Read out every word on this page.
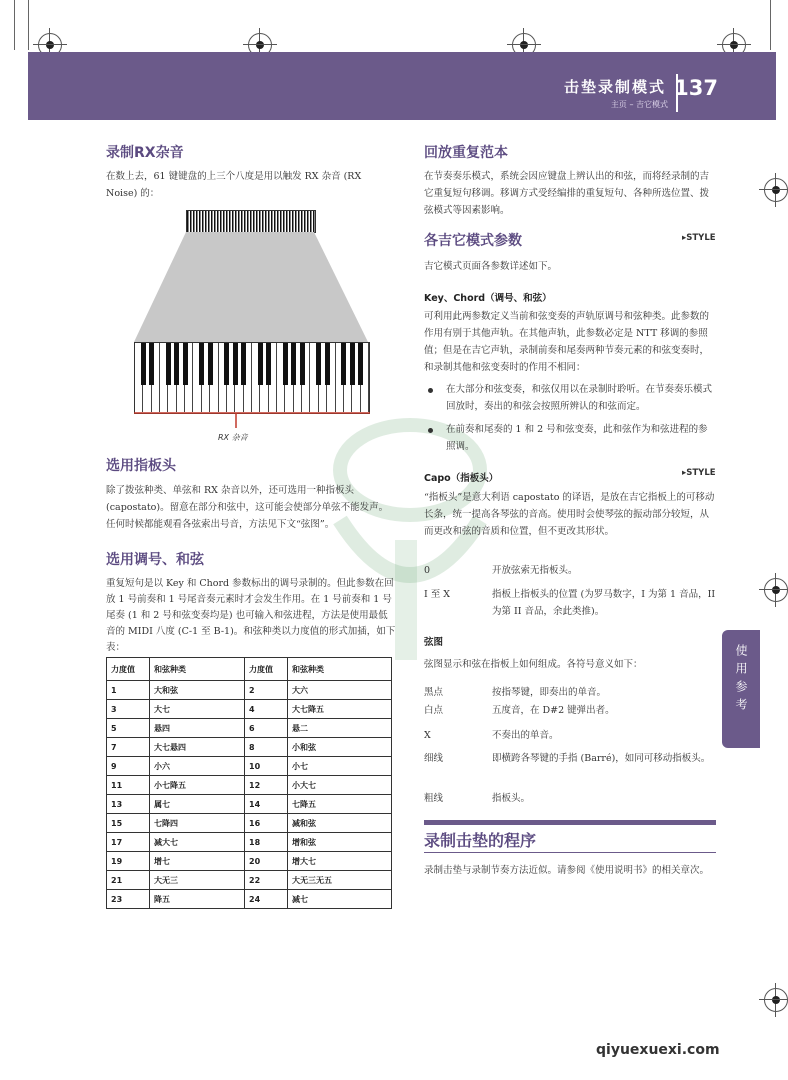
击垫录制模式
主页 – 吉它模式
137
录制RX杂音
在数上去，61 键键盘的上三个八度是用以触发 RX 杂音 (RX Noise) 的：
RX 杂音
选用指板头
除了拨弦种类、单弦和 RX 杂音以外，还可选用一种指板头 (capostato)。留意在部分和弦中，这可能会使部分单弦不能发声。任何时候都能观看各弦索出号音，方法见下文“弦图”。
选用调号、和弦
重复短句是以 Key 和 Chord 参数标出的调号录制的。但此参数在回放 1 号前奏和 1 号尾音奏元素时才会发生作用。在 1 号前奏和 1 号尾奏 (1 和 2 号和弦变奏均是) 也可输入和弦进程，方法是使用最低音的 MIDI 八度 (C-1 至 B-1)。和弦种类以力度值的形式加插，如下表：
力度值	和弦种类	力度值	和弦种类
1	大和弦	2	大六
3	大七	4	大七降五
5	悬四	6	悬二
7	大七悬四	8	小和弦
9	小六	10	小七
11	小七降五	12	小大七
13	属七	14	七降五
15	七降四	16	减和弦
17	减大七	18	增和弦
19	增七	20	增大七
21	大无三	22	大无三无五
23	降五	24	减七
回放重复范本
在节奏奏乐模式，系统会因应键盘上辨认出的和弦，而将经录制的吉它重复短句移调。移调方式受经编排的重复短句、各种所选位置、拨弦模式等因素影响。
各吉它模式参数	▸STYLE
吉它模式页面各参数详述如下。
Key、Chord（调号、和弦）
可利用此两参数定义当前和弦变奏的声轨原调号和弦种类。此参数的作用有别于其他声轨。在其他声轨，此参数必定是 NTT 移调的参照值；但是在吉它声轨，录制前奏和尾奏两种节奏元素的和弦变奏时，和录制其他和弦变奏时的作用不相同：
在大部分和弦变奏，和弦仅用以在录制时聆听。在节奏奏乐模式回放时，奏出的和弦会按照所辨认的和弦而定。
在前奏和尾奏的 1 和 2 号和弦变奏，此和弦作为和弦进程的参照调。
Capo（指板头）	▸STYLE
“指板头”是意大利语 capostato 的译语，是放在吉它指板上的可移动长条，统一提高各琴弦的音高。使用时会使琴弦的振动部分较短，从而更改和弦的音质和位置，但不更改其形状。
0	开放弦索无指板头。
I 至 X	指板上指板头的位置 (为罗马数字，I 为第 1 音品，II 为第 II 音品，余此类推)。
弦图
弦图显示和弦在指板上如何组成。各符号意义如下：
黑点	按指琴键，即奏出的单音。
白点	五度音，在 D#2 键弹出者。
X	不奏出的单音。
细线	即横跨各琴键的手指 (Barré)，如同可移动指板头。
粗线	指板头。
录制击垫的程序
录制击垫与录制节奏方法近似。请参阅《使用说明书》的相关章次。
使用参考
qiyuexuexi.com
